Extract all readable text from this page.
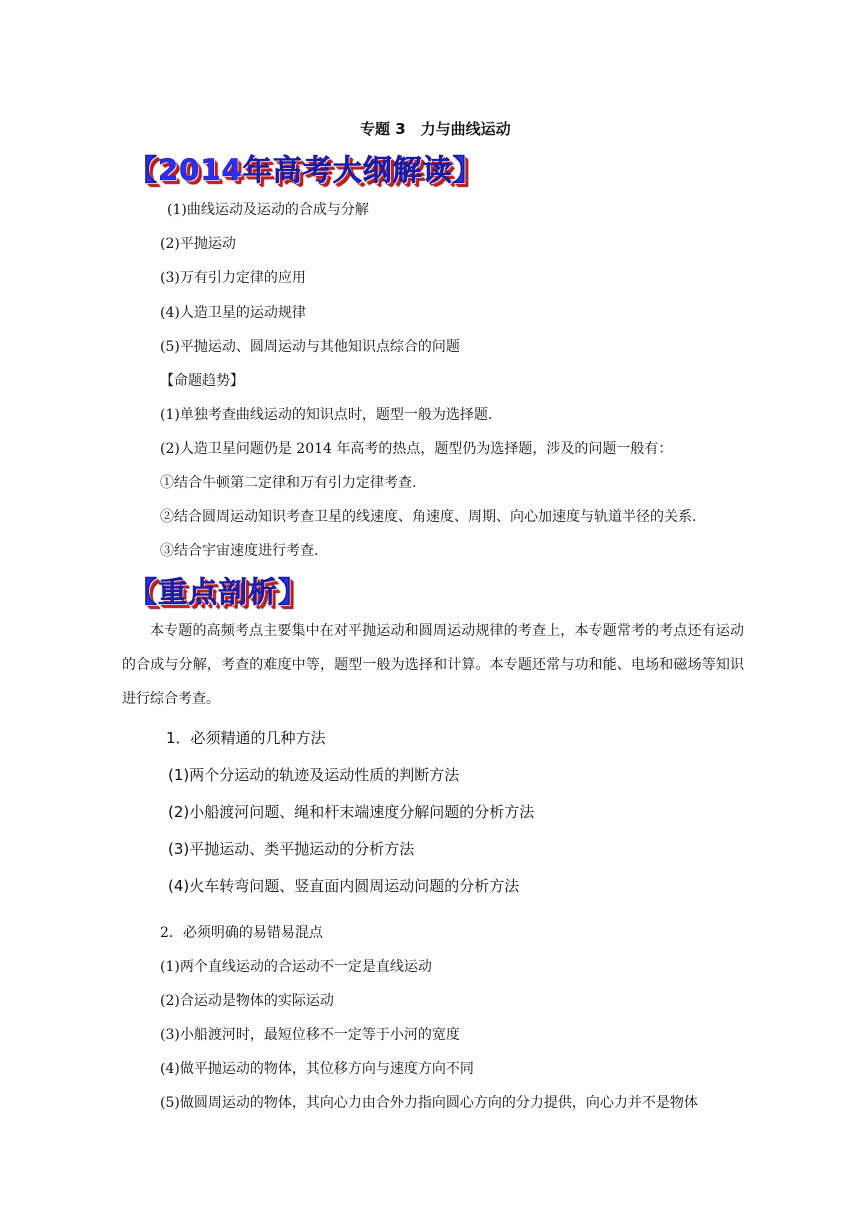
专题 3　力与曲线运动
【2014年高考大纲解读】
(1)曲线运动及运动的合成与分解
(2)平抛运动
(3)万有引力定律的应用
(4)人造卫星的运动规律
(5)平抛运动、圆周运动与其他知识点综合的问题
【命题趋势】
(1)单独考查曲线运动的知识点时，题型一般为选择题.
(2)人造卫星问题仍是 2014 年高考的热点，题型仍为选择题，涉及的问题一般有：
①结合牛顿第二定律和万有引力定律考查.
②结合圆周运动知识考查卫星的线速度、角速度、周期、向心加速度与轨道半径的关系.
③结合宇宙速度进行考查.
【重点剖析】
本专题的高频考点主要集中在对平抛运动和圆周运动规律的考查上，本专题常考的考点还有运动的合成与分解，考查的难度中等，题型一般为选择和计算。本专题还常与功和能、电场和磁场等知识进行综合考查。
1．必须精通的几种方法
(1)两个分运动的轨迹及运动性质的判断方法
(2)小船渡河问题、绳和杆末端速度分解问题的分析方法
(3)平抛运动、类平抛运动的分析方法
(4)火车转弯问题、竖直面内圆周运动问题的分析方法
2．必须明确的易错易混点
(1)两个直线运动的合运动不一定是直线运动
(2)合运动是物体的实际运动
(3)小船渡河时，最短位移不一定等于小河的宽度
(4)做平抛运动的物体，其位移方向与速度方向不同
(5)做圆周运动的物体，其向心力由合外力指向圆心方向的分力提供，向心力并不是物体
